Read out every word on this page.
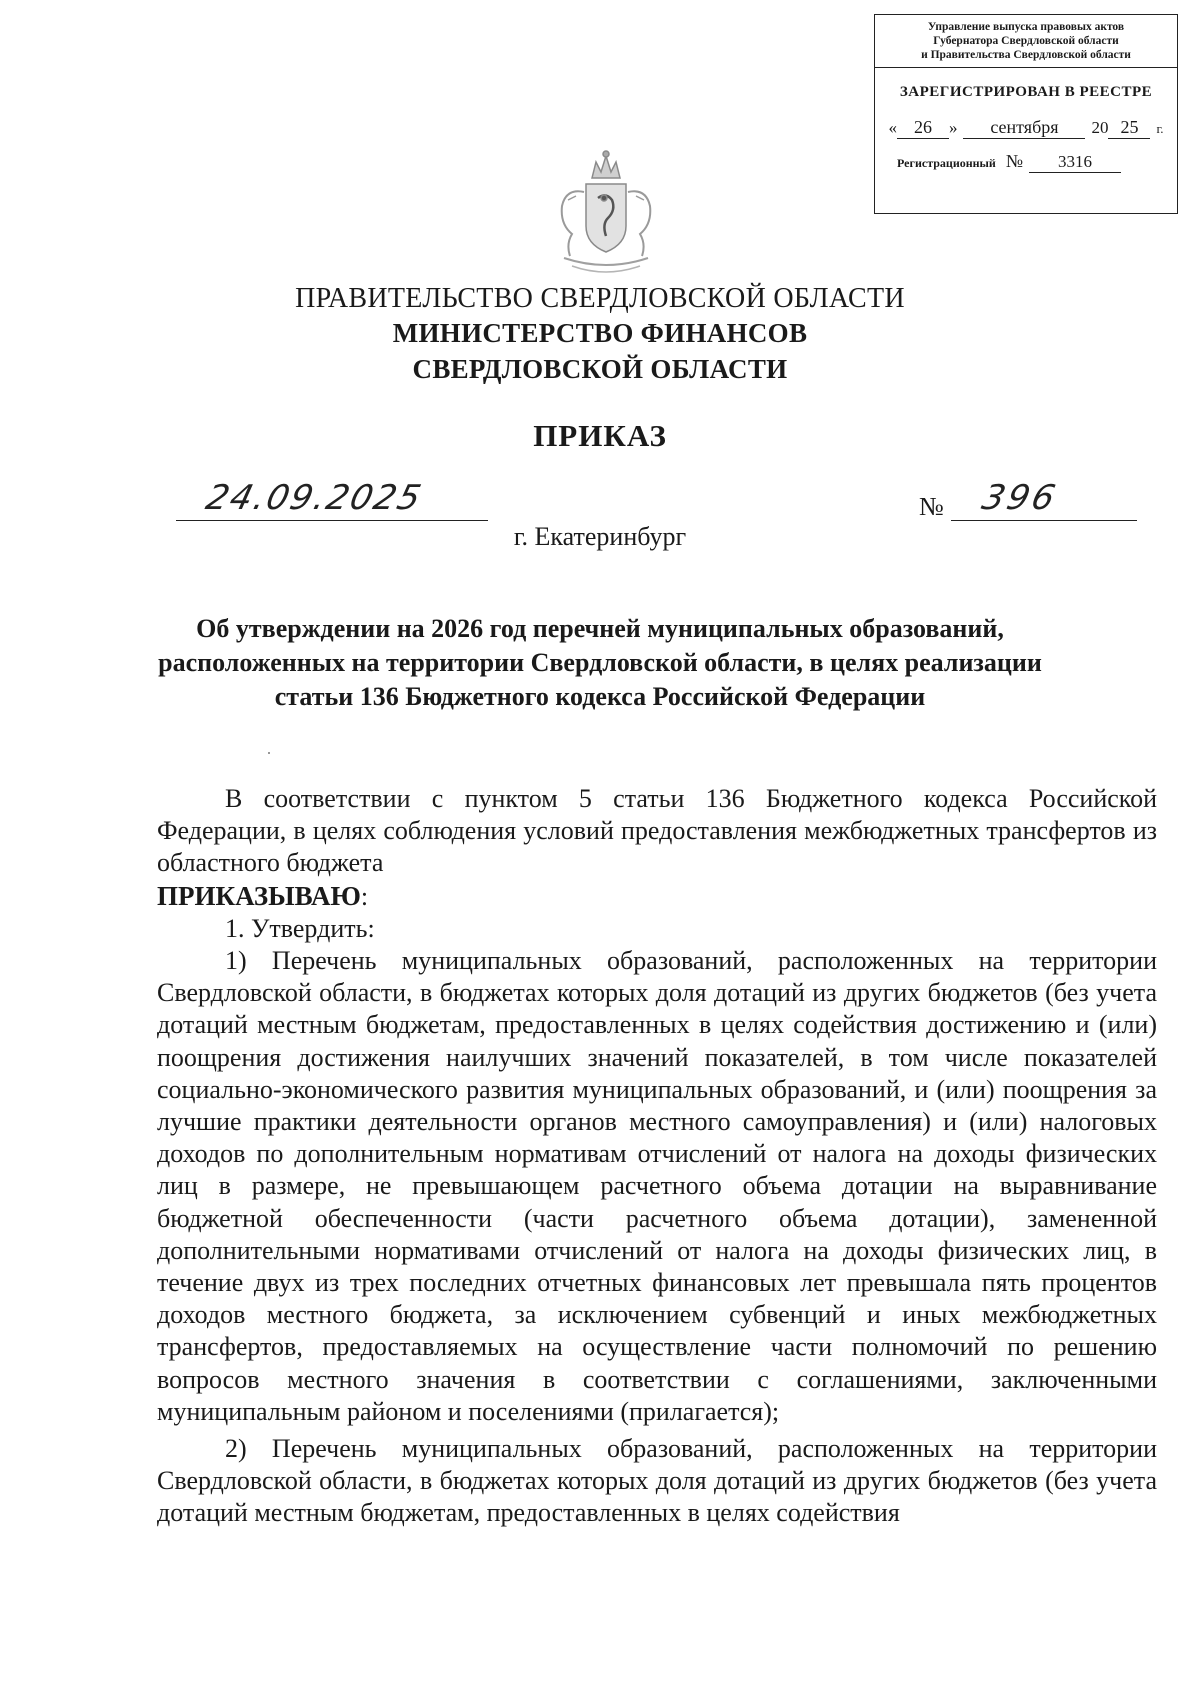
Управление выпуска правовых актов
Губернатора Свердловской области
и Правительства Свердловской области
ЗАРЕГИСТРИРОВАН В РЕЕСТРЕ
« 26	»	сентября	20 25	г.
Регистрационный №	3316
ПРАВИТЕЛЬСТВО СВЕРДЛОВСКОЙ ОБЛАСТИ
МИНИСТЕРСТВО ФИНАНСОВ
СВЕРДЛОВСКОЙ ОБЛАСТИ
ПРИКАЗ
24.09.2025	№ 396
г. Екатеринбург
Об утверждении на 2026 год перечней муниципальных образований,
расположенных на территории Свердловской области, в целях реализации
статьи 136 Бюджетного кодекса Российской Федерации

В соответствии с пунктом 5 статьи 136 Бюджетного кодекса Российской Федерации, в целях соблюдения условий предоставления межбюджетных трансфертов из областного бюджета

ПРИКАЗЫВАЮ:

1. Утвердить:

1) Перечень муниципальных образований, расположенных на территории Свердловской области, в бюджетах которых доля дотаций из других бюджетов (без учета дотаций местным бюджетам, предоставленных в целях содействия достижению и (или) поощрения достижения наилучших значений показателей, в том числе показателей социально-экономического развития муниципальных образований, и (или) поощрения за лучшие практики деятельности органов местного самоуправления) и (или) налоговых доходов по дополнительным нормативам отчислений от налога на доходы физических лиц в размере, не превышающем расчетного объема дотации на выравнивание бюджетной обеспеченности (части расчетного объема дотации), замененной дополнительными нормативами отчислений от налога на доходы физических лиц, в течение двух из трех последних отчетных финансовых лет превышала пять процентов доходов местного бюджета, за исключением субвенций и иных межбюджетных трансфертов, предоставляемых на осуществление части полномочий по решению вопросов местного значения в соответствии с соглашениями, заключенными муниципальным районом и поселениями (прилагается);

2) Перечень муниципальных образований, расположенных на территории Свердловской области, в бюджетах которых доля дотаций из других бюджетов (без учета дотаций местным бюджетам, предоставленных в целях содействия
